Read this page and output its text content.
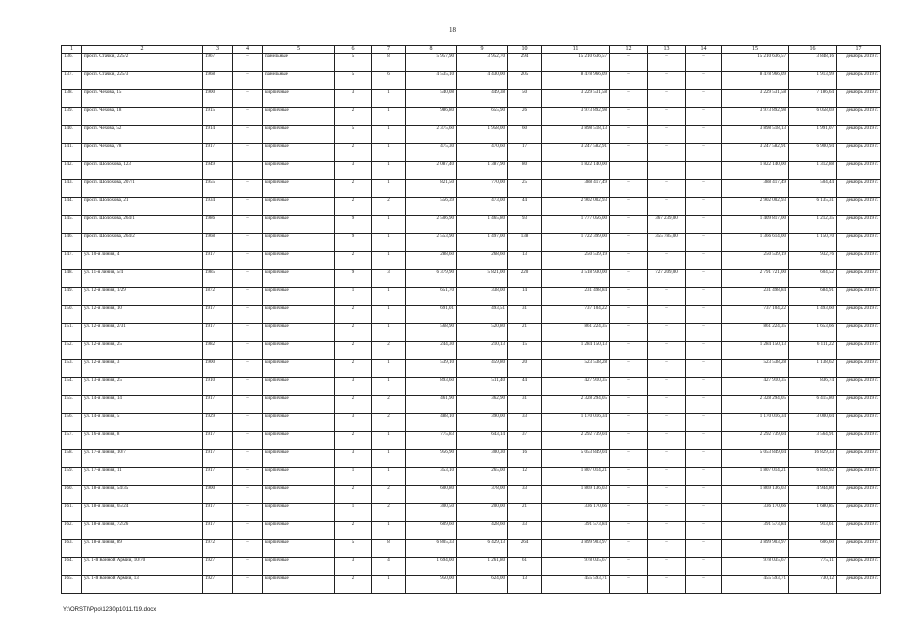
18
1	2	3	4	5	6	7	8	9	10	11	12	13	14	15	16	17
136.	просп. Стачки, 225/2	1967	–	панельные	5	8	5 957,90	3 952,70	294	15 210 636,57	–	–	–	15 210 636,57	3 848,16	декабрь 2019 г.
137.	просп. Стачки, 225/3	1968	–	панельные	5	6	4 535,10	4 430,00	205	8 478 966,09	–	–	–	8 478 966,09	1 913,99	декабрь 2019 г.
138.	просп. Чехова, 15	1900	–	кирпичные	3	1	540,08	449,38	50	3 229 531,58	–	–	–	3 229 531,58	7 186,64	декабрь 2019 г.
139.	просп. Чехова, 18	1915	–	кирпичные	2	1	986,80	655,90	26	3 973 892,98	–	–	–	3 973 892,98	6 058,69	декабрь 2019 г.
140.	просп. Чехова, 52	1914	–	кирпичные	5	1	2 375,60	1 958,00	60	3 898 518,13	–	–	–	3 898 518,13	1 991,07	декабрь 2019 г.
141.	просп. Чехова, 78	1917	–	кирпичные	2	1	475,30	470,60	17	3 247 582,91	–	–	–	3 247 582,91	6 900,94	декабрь 2019 г.
142.	просп. Шолохова, 123	1949		кирпичные	3	1	2 087,40	1 387,90	80	1 822 140,00				1 822 140,00	1 312,88	декабрь 2019 г.
143.	просп. Шолохова, 207/1	1955	–	кирпичные	2	1	821,50	770,00	25	388 417,49	–	–	–	388 417,49	504,44	декабрь 2019 г.
144.	просп. Шолохова, 21	1934	–	кирпичные	2	2	556,39	473,00	44	2 902 002,93	–	–	–	2 902 002,93	6 135,31	декабрь 2019 г.
145.	просп. Шолохова, 264/1	1986	–	кирпичные	9	1	2 506,90	1 465,80	93	1 777 056,00	–	367 239,00	–	1 409 817,00	1 212,35	декабрь 2019 г.
146.	просп. Шолохова, 264/2	1968	–	кирпичные	9	1	2 553,90	1 497,00	138	1 722 399,00	–	355 785,00	–	1 366 614,00	1 150,70	декабрь 2019 г.
147.	ул. 10-я линия, 4	1917	–	кирпичные	2	1	288,60	268,60	13	250 539,19	–	–	–	250 539,19	932,76	декабрь 2019 г.
148.	ул. 11-я линия, 5/4	1985	–	кирпичные	9	3	6 379,90	5 821,00	220	3 518 930,00	–	727 209,00	–	2 791 721,00	604,52	декабрь 2019 г.
149.	ул. 12-я линия, 1/29	1872	–	кирпичные	1	1	651,70	338,00	14	231 498,84	–	–	–	231 498,84	684,91	декабрь 2019 г.
150.	ул. 12-я линия, 10	1917	–	кирпичные	2	1	691,01	493,51	31	737 104,22	–	–	–	737 104,22	1 493,60	декабрь 2019 г.
151.	ул. 12-я линия, 2/31	1917	–	кирпичные	2	1	568,90	520,80	21	861 224,35	–	–	–	861 224,35	1 653,66	декабрь 2019 г.
152.	ул. 12-я линия, 25	1982	–	кирпичные	2	2	244,30	210,13	15	1 284 150,13	–	–	–	1 284 150,13	6 111,22	декабрь 2019 г.
153.	ул. 12-я линия, 3	1900	–	кирпичные	2	1	539,10	459,80	20	523 538,28	–	–	–	523 538,28	1 138,62	декабрь 2019 г.
154.	ул. 13-я линия, 25	1910	–	кирпичные	3	1	893,60	511,40	44	427 910,35	–	–	–	427 910,35	836,74	декабрь 2019 г.
155.	ул. 14-я линия, 14	1917	–	кирпичные	2	2	461,90	362,90	31	2 328 294,05	–	–	–	2 328 294,05	6 415,80	декабрь 2019 г.
156.	ул. 14-я линия, 5	1929	–	кирпичные	3	2	488,10	390,00	33	1 170 016,34	–	–	–	1 170 016,34	3 000,04	декабрь 2019 г.
157.	ул. 16-я линия, 8	1917	–	кирпичные	2	1	775,83	643,14	37	2 292 739,04	–	–	–	2 292 739,04	3 564,91	декабрь 2019 г.
158.	ул. 17-я линия, 10/7	1917	–	кирпичные	3	1	956,90	300,30	16	5 053 849,04	–	–	–	5 053 849,04	16 829,33	декабрь 2019 г.
159.	ул. 17-я линия, 11	1917	–	кирпичные	1	1	353,10	265,00	12	1 807 014,21	–	–	–	1 807 014,21	6 818,92	декабрь 2019 г.
160.	ул. 18-я линия, 54/35	1900	–	кирпичные	2	2	600,80	378,00	33	1 869 136,03	–	–	–	1 869 136,03	4 944,80	декабрь 2019 г.
161.	ул. 18-я линия, 65/24	1917	–	кирпичные	1	2	300,50	200,00	21	336 170,66	–	–	–	336 170,66	1 680,85	декабрь 2019 г.
162.	ул. 18-я линия, 72/26	1917	–	кирпичные	2	1	609,60	428,60	33	391 573,84	–	–	–	391 573,84	913,61	декабрь 2019 г.
163.	ул. 18-я линия, 89	1972	–	кирпичные	5	8	6 805,33	6 429,13	264	3 899 903,97	–	–	–	3 899 903,97	606,60	декабрь 2019 г.
164.	ул. 1-й Конной Армии, 10/70	1927	–	кирпичные	3	4	1 694,00	1 261,80	61	978 035,67	–	–	–	978 035,67	775,11	декабрь 2019 г.
165.	ул. 1-й Конной Армии, 13	1927	–	кирпичные	2	1	950,00	624,00	13	455 593,71	–	–	–	455 593,71	730,12	декабрь 2019 г.
Y:\ORSTI\Ppo\1230p1011.f19.docx
